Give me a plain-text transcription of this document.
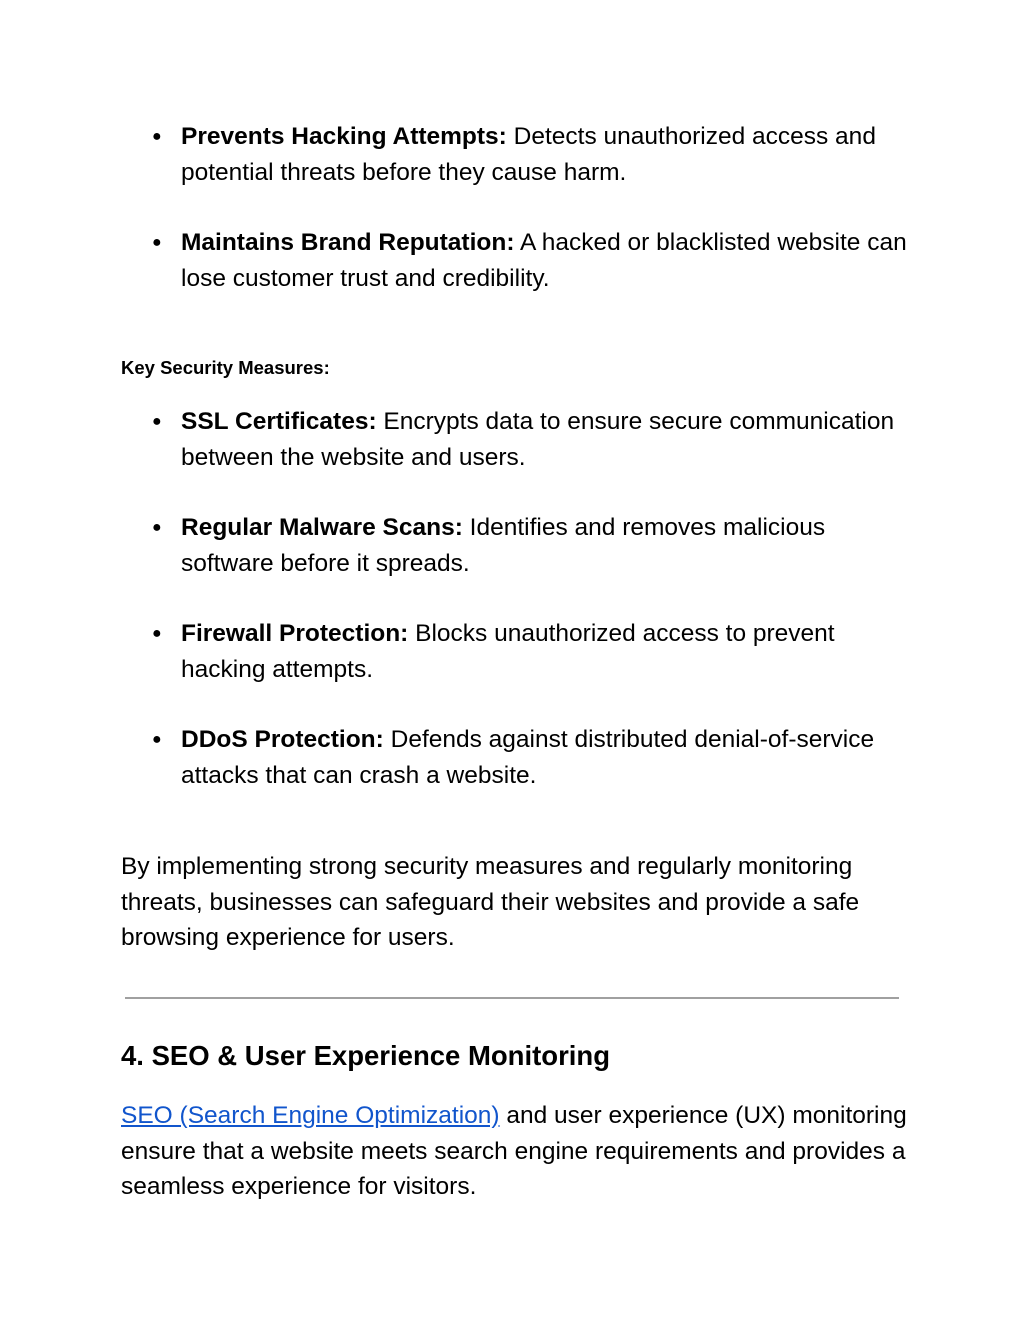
● Prevents Hacking Attempts: Detects unauthorized access and potential threats before they cause harm.
● Maintains Brand Reputation: A hacked or blacklisted website can lose customer trust and credibility.
Key Security Measures:
● SSL Certificates: Encrypts data to ensure secure communication between the website and users.
● Regular Malware Scans: Identifies and removes malicious software before it spreads.
● Firewall Protection: Blocks unauthorized access to prevent hacking attempts.
● DDoS Protection: Defends against distributed denial-of-service attacks that can crash a website.

By implementing strong security measures and regularly monitoring threats, businesses can safeguard their websites and provide a safe browsing experience for users.

4. SEO & User Experience Monitoring

SEO (Search Engine Optimization) and user experience (UX) monitoring ensure that a website meets search engine requirements and provides a seamless experience for visitors.
